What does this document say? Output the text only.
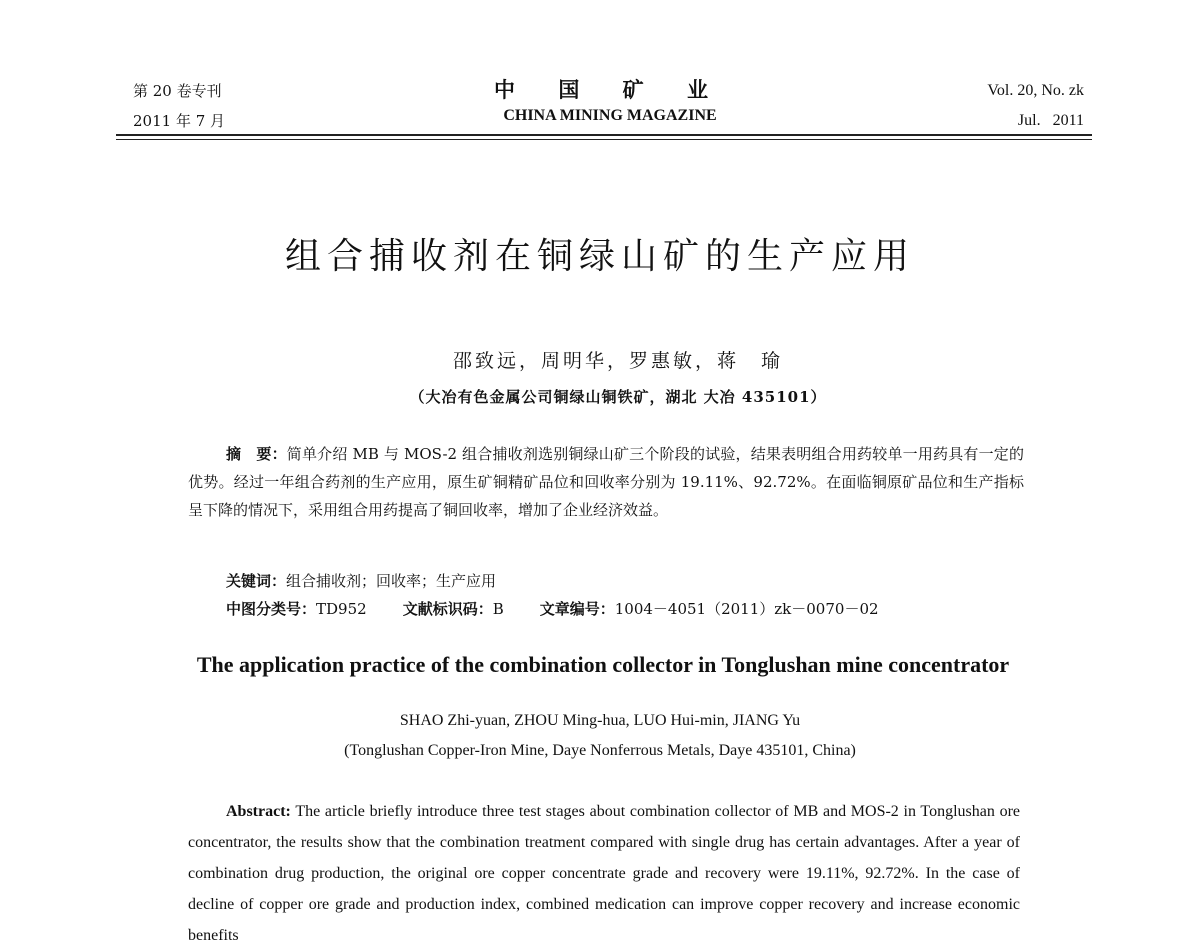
第 20 卷专刊
2011 年 7 月
中 国 矿 业
CHINA MINING MAGAZINE
Vol. 20, No. zk
Jul.   2011
组合捕收剂在铜绿山矿的生产应用
邵致远，周明华，罗惠敏，蒋　瑜
（大冶有色金属公司铜绿山铜铁矿，湖北 大冶 435101）
摘　要：简单介绍 MB 与 MOS-2 组合捕收剂选别铜绿山矿三个阶段的试验，结果表明组合用药较单一用药具有一定的优势。经过一年组合药剂的生产应用，原生矿铜精矿品位和回收率分别为 19.11%、92.72%。在面临铜原矿品位和生产指标呈下降的情况下，采用组合用药提高了铜回收率，增加了企业经济效益。
关键词：组合捕收剂；回收率；生产应用
中图分类号：TD952 文献标识码：B 文章编号：1004－4051（2011）zk－0070－02
The application practice of the combination collector in Tonglushan mine concentrator
SHAO Zhi-yuan, ZHOU Ming-hua, LUO Hui-min, JIANG Yu
(Tonglushan Copper-Iron Mine, Daye Nonferrous Metals, Daye 435101, China)
Abstract: The article briefly introduce three test stages about combination collector of MB and MOS-2 in Tonglushan ore concentrator, the results show that the combination treatment compared with single drug has certain advantages. After a year of combination drug production, the original ore copper concentrate grade and recovery were 19.11%, 92.72%. In the case of decline of copper ore grade and production index, combined medication can improve copper recovery and increase economic benefits
